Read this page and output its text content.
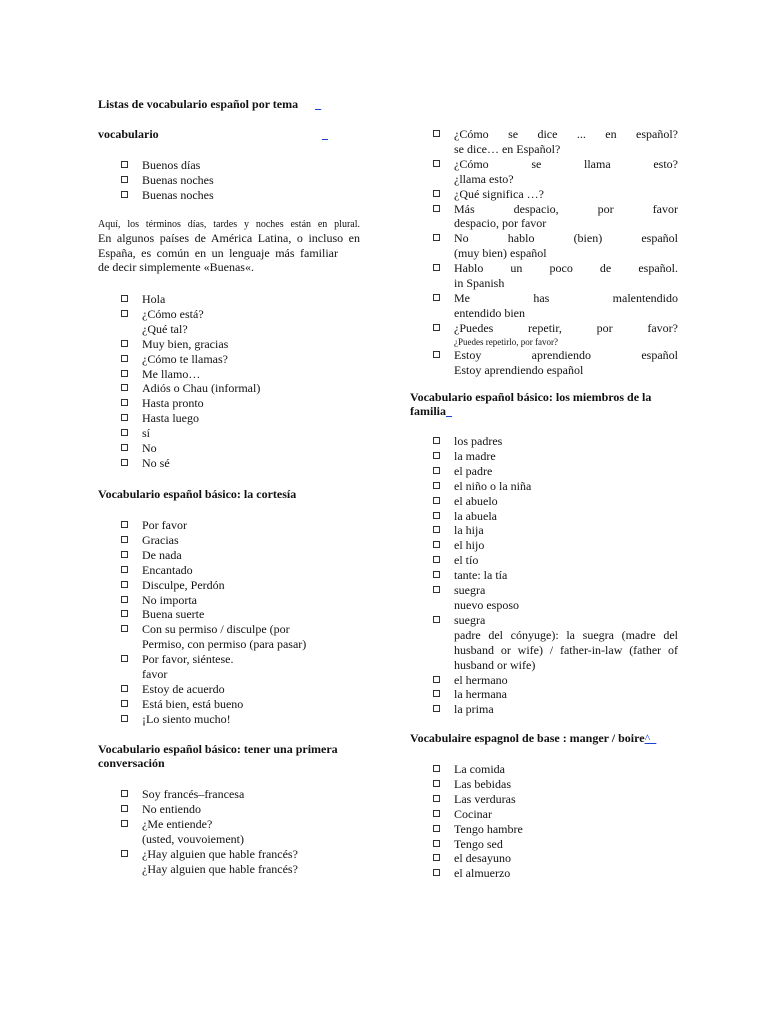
Listas de vocabulario español por tema _
vocabulario	_
Buenos días
Buenas noches
Buenas noches
Aquí, los términos días, tardes y noches están en plural.
En algunos países de América Latina, o incluso en
España, es común en un lenguaje más familiar
de decir simplemente «Buenas«.
Hola
¿Cómo está?
¿Qué tal?
Muy bien, gracias
¿Cómo te llamas?
Me llamo…
Adiós o Chau (informal)
Hasta pronto
Hasta luego
sí
No
No sé
Vocabulario español básico: la cortesía
Por favor
Gracias
De nada
Encantado
Disculpe, Perdón
No importa
Buena suerte
Con su permiso / disculpe (por
Permiso, con permiso (para pasar)
Por favor, siéntese.
favor
Estoy de acuerdo
Está bien, está bueno
¡Lo siento mucho!
Vocabulario español básico: tener una primera
conversación
Soy francés–francesa
No entiendo
¿Me entiende?
(usted, vouvoiement)
¿Hay alguien que hable francés?
¿Hay alguien que hable francés?
¿Cómo se dice ... en español?
se dice… en Español?
¿Cómo se llama esto?
¿llama esto?
¿Qué significa …?
Más despacio, por favor
despacio, por favor
No hablo (bien) español
(muy bien) español
Hablo un poco de español.
in Spanish
Me has malentendido
entendido bien
¿Puedes repetir, por favor?
¿Puedes repetirlo, por favor?
Estoy aprendiendo español
Estoy aprendiendo español
Vocabulario español básico: los miembros de la
familia_
los padres
la madre
el padre
el niño o la niña
el abuelo
la abuela
la hija
el hijo
el tío
tante: la tía
suegra
nuevo esposo
suegra
padre del cónyuge): la suegra (madre del
husband or wife) / father-in-law (father of
husband or wife)
el hermano
la hermana
la prima
Vocabulaire espagnol de base : manger / boire^_
La comida
Las bebidas
Las verduras
Cocinar
Tengo hambre
Tengo sed
el desayuno
el almuerzo
